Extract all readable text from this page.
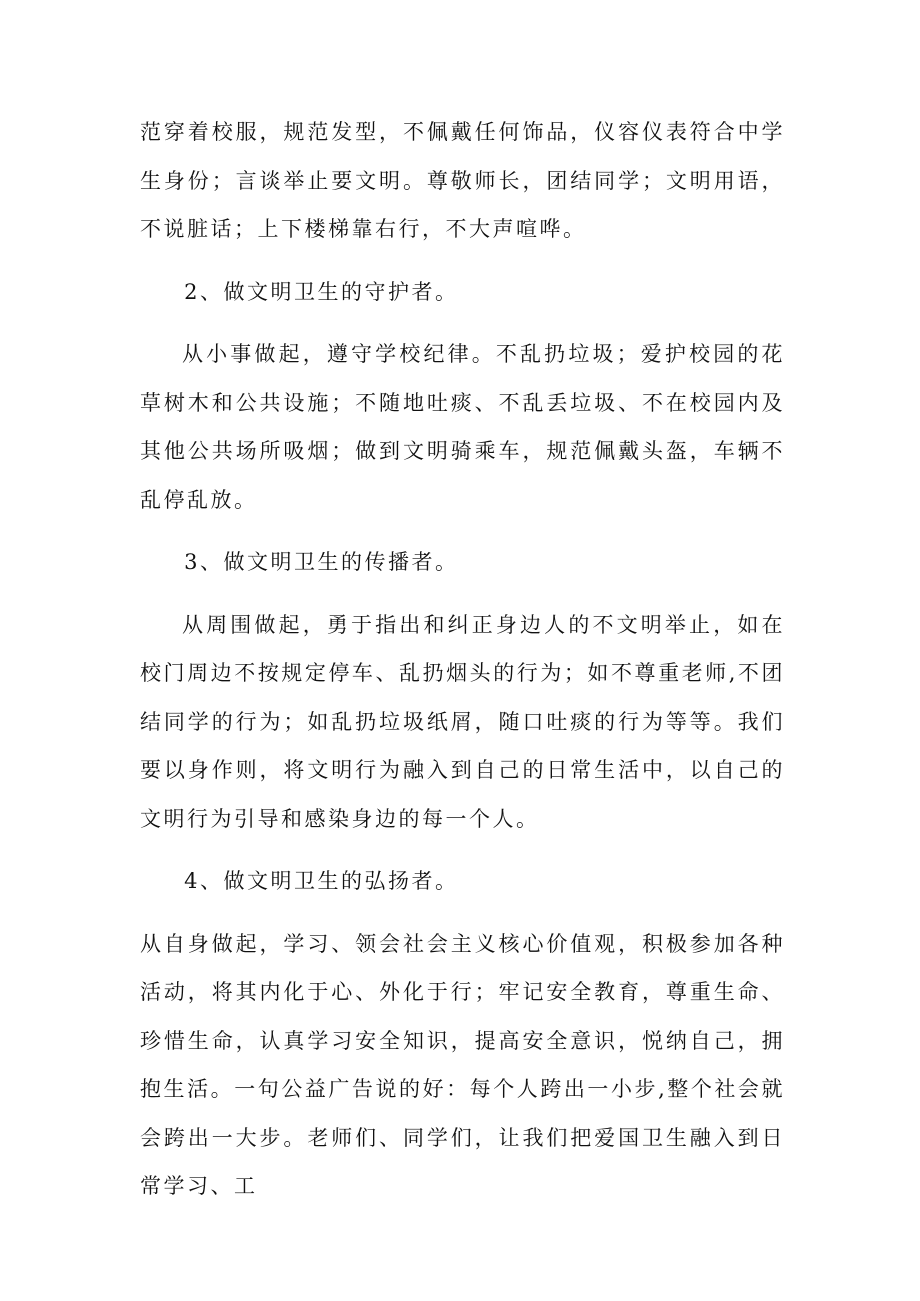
范穿着校服，规范发型，不佩戴任何饰品，仪容仪表符合中学生身份；言谈举止要文明。尊敬师长，团结同学；文明用语，不说脏话；上下楼梯靠右行，不大声喧哗。

2、做文明卫生的守护者。

从小事做起，遵守学校纪律。不乱扔垃圾；爱护校园的花草树木和公共设施；不随地吐痰、不乱丢垃圾、不在校园内及其他公共场所吸烟；做到文明骑乘车，规范佩戴头盔，车辆不乱停乱放。

3、做文明卫生的传播者。

从周围做起，勇于指出和纠正身边人的不文明举止，如在校门周边不按规定停车、乱扔烟头的行为；如不尊重老师,不团结同学的行为；如乱扔垃圾纸屑，随口吐痰的行为等等。我们要以身作则，将文明行为融入到自己的日常生活中，以自己的文明行为引导和感染身边的每一个人。

4、做文明卫生的弘扬者。

从自身做起，学习、领会社会主义核心价值观，积极参加各种活动，将其内化于心、外化于行；牢记安全教育，尊重生命、珍惜生命，认真学习安全知识，提高安全意识，悦纳自己，拥抱生活。一句公益广告说的好：每个人跨出一小步,整个社会就会跨出一大步。老师们、同学们，让我们把爱国卫生融入到日常学习、工
